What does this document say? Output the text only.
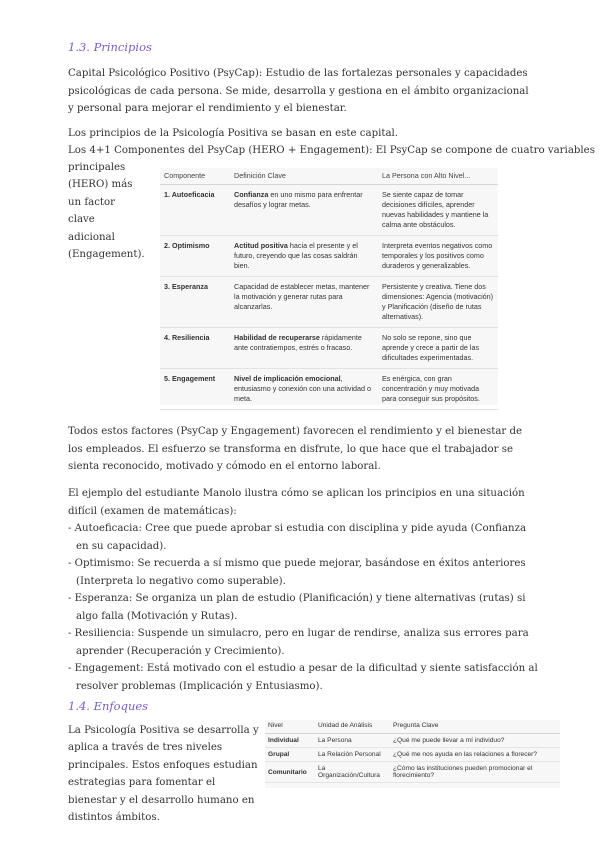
1.3. Principios
Capital Psicológico Positivo (PsyCap): Estudio de las fortalezas personales y capacidades psicológicas de cada persona. Se mide, desarrolla y gestiona en el ámbito organizacional y personal para mejorar el rendimiento y el bienestar.
Los principios de la Psicología Positiva se basan en este capital.
Los 4+1 Componentes del PsyCap (HERO + Engagement): El PsyCap se compone de cuatro variables
principales (HERO) más un factor clave adicional (Engagement).
Componente	Definición Clave	La Persona con Alto Nivel...
1. Autoeficacia	Confianza en uno mismo para enfrentar desafíos y lograr metas.	Se siente capaz de tomar decisiones difíciles, aprender nuevas habilidades y mantiene la calma ante obstáculos.
2. Optimismo	Actitud positiva hacia el presente y el futuro, creyendo que las cosas saldrán bien.	Interpreta eventos negativos como temporales y los positivos como duraderos y generalizables.
3. Esperanza	Capacidad de establecer metas, mantener la motivación y generar rutas para alcanzarlas.	Persistente y creativa. Tiene dos dimensiones: Agencia (motivación) y Planificación (diseño de rutas alternativas).
4. Resiliencia	Habilidad de recuperarse rápidamente ante contratiempos, estrés o fracaso.	No solo se repone, sino que aprende y crece a partir de las dificultades experimentadas.
5. Engagement	Nivel de implicación emocional, entusiasmo y conexión con una actividad o meta.	Es enérgica, con gran concentración y muy motivada para conseguir sus propósitos.
Todos estos factores (PsyCap y Engagement) favorecen el rendimiento y el bienestar de los empleados. El esfuerzo se transforma en disfrute, lo que hace que el trabajador se sienta reconocido, motivado y cómodo en el entorno laboral.
El ejemplo del estudiante Manolo ilustra cómo se aplican los principios en una situación difícil (examen de matemáticas):
- Autoeficacia: Cree que puede aprobar si estudia con disciplina y pide ayuda (Confianza en su capacidad).
- Optimismo: Se recuerda a sí mismo que puede mejorar, basándose en éxitos anteriores (Interpreta lo negativo como superable).
- Esperanza: Se organiza un plan de estudio (Planificación) y tiene alternativas (rutas) si algo falla (Motivación y Rutas).
- Resiliencia: Suspende un simulacro, pero en lugar de rendirse, analiza sus errores para aprender (Recuperación y Crecimiento).
- Engagement: Está motivado con el estudio a pesar de la dificultad y siente satisfacción al resolver problemas (Implicación y Entusiasmo).
1.4. Enfoques
La Psicología Positiva se desarrolla y aplica a través de tres niveles principales. Estos enfoques estudian estrategias para fomentar el bienestar y el desarrollo humano en distintos ámbitos.
Nivel	Unidad de Análisis	Pregunta Clave
Individual	La Persona	¿Qué me puede llevar a mí individuo?
Grupal	La Relación Personal	¿Qué me nos ayuda en las relaciones a florecer?
Comunitario	La Organización/Cultura	¿Cómo las instituciones pueden promocionar el florecimiento?
